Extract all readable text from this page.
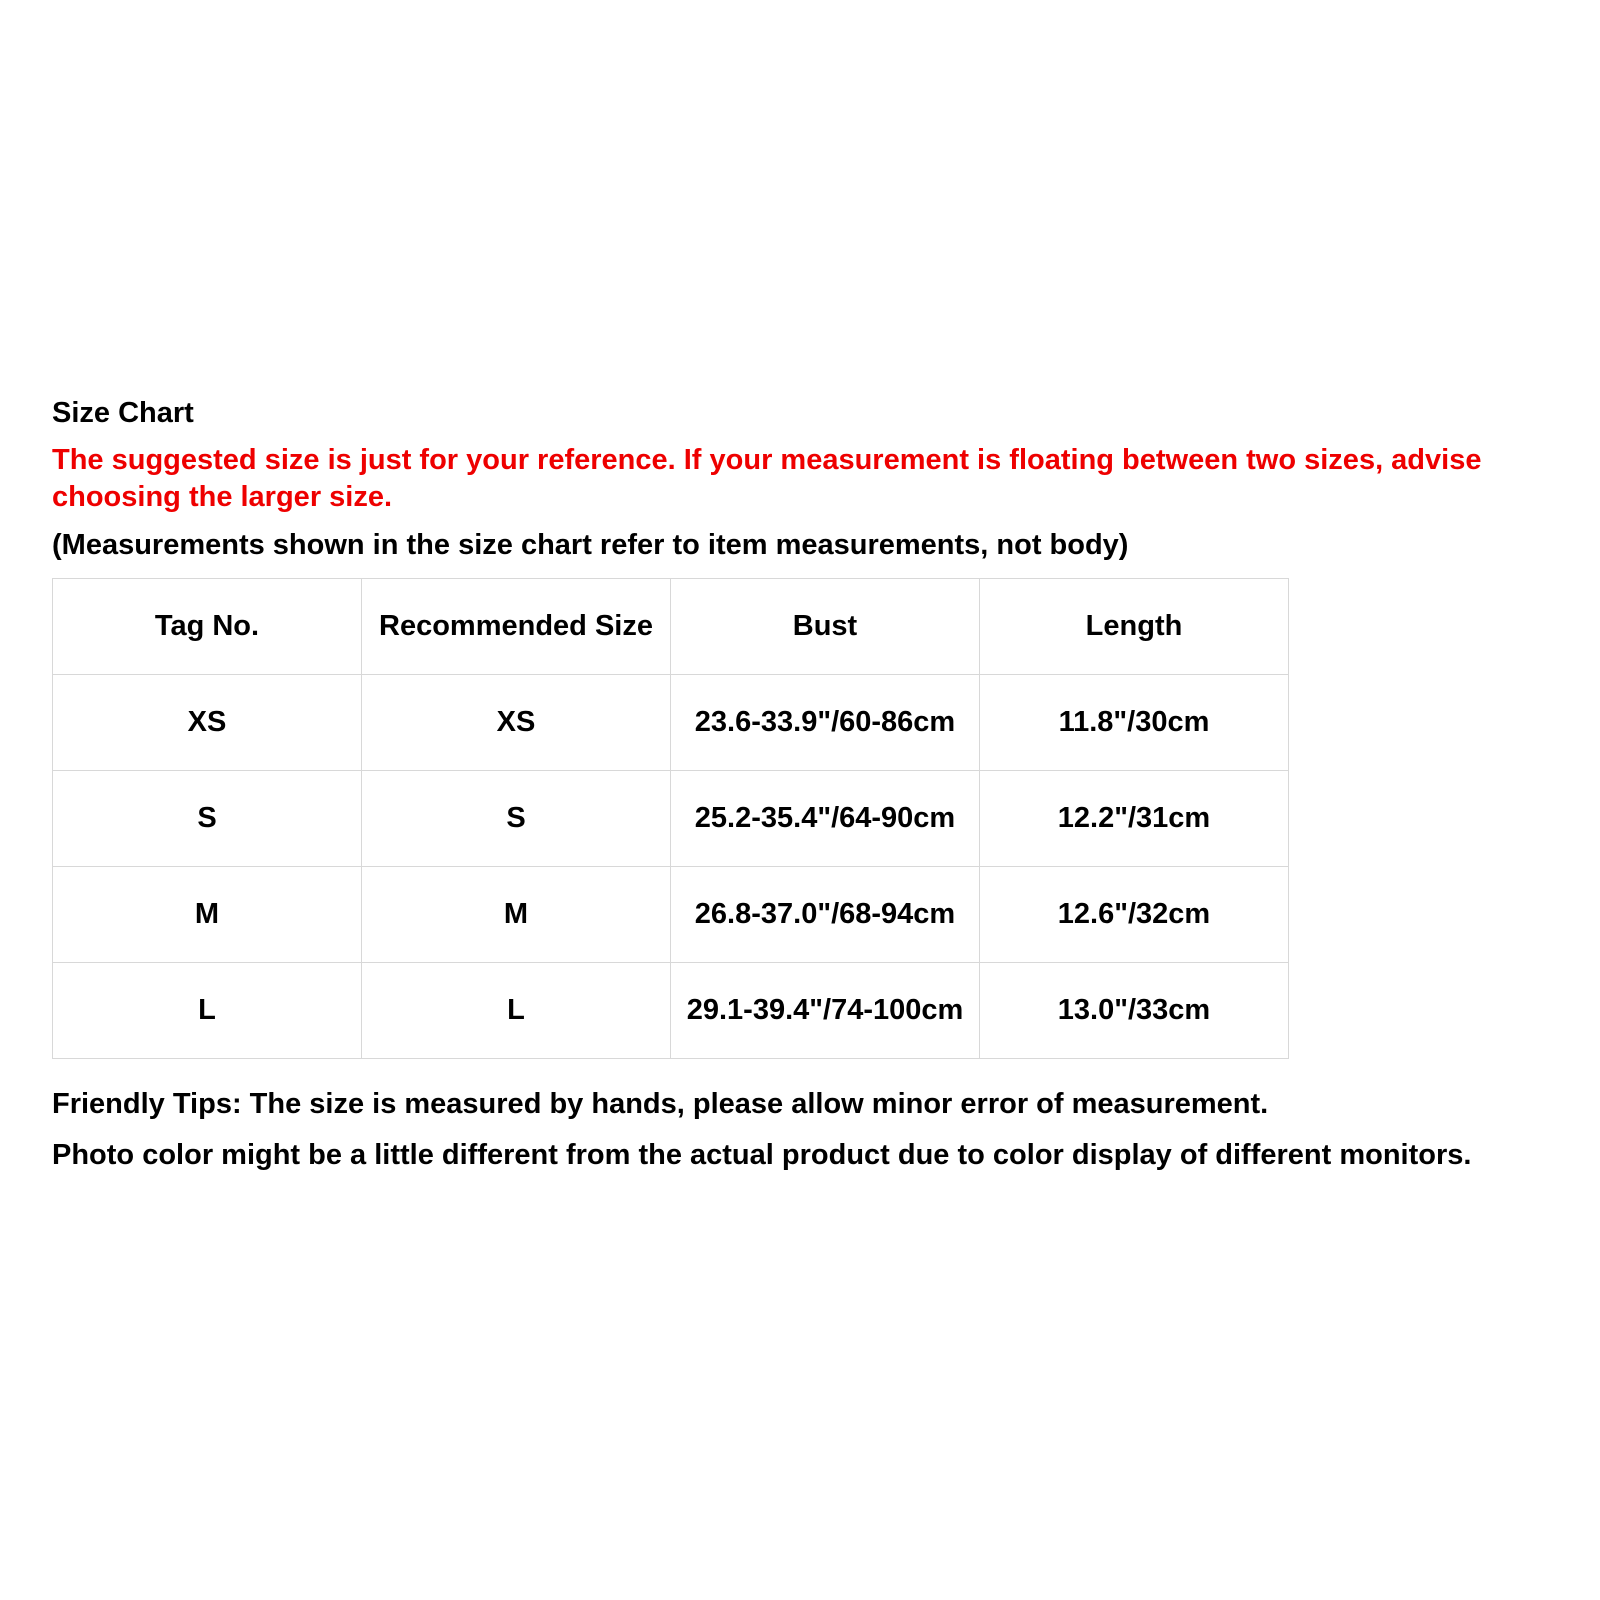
Size Chart
The suggested size is just for your reference. If your measurement is floating between two sizes, advise choosing the larger size.
(Measurements shown in the size chart refer to item measurements, not body)
Tag No.	Recommended Size	Bust	Length
XS	XS	23.6-33.9"/60-86cm	11.8"/30cm
S	S	25.2-35.4"/64-90cm	12.2"/31cm
M	M	26.8-37.0"/68-94cm	12.6"/32cm
L	L	29.1-39.4"/74-100cm	13.0"/33cm

Friendly Tips: The size is measured by hands, please allow minor error of measurement.

Photo color might be a little different from the actual product due to color display of different monitors.
